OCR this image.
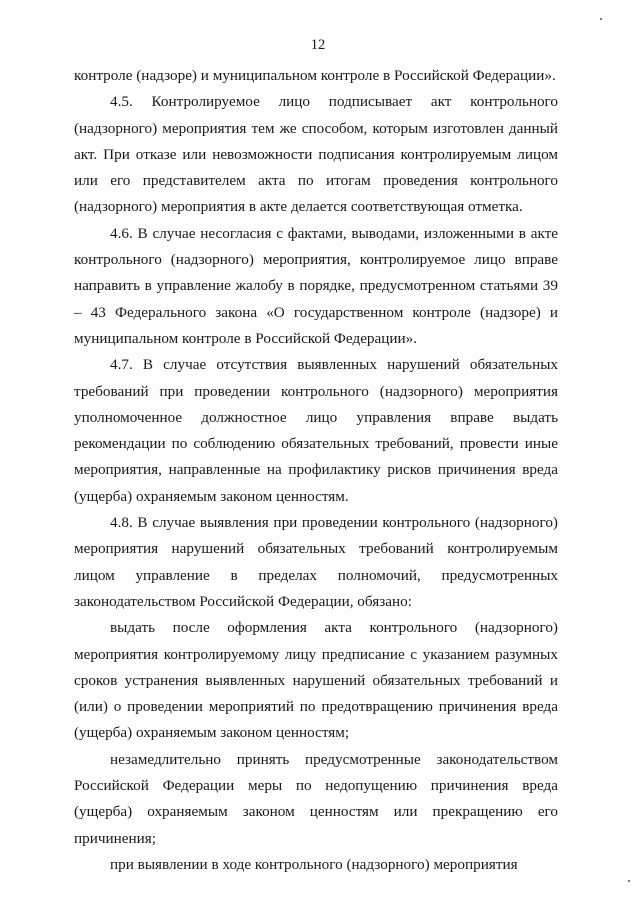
12

контроле (надзоре) и муниципальном контроле в Российской Федерации».

4.5. Контролируемое лицо подписывает акт контрольного (надзорного) мероприятия тем же способом, которым изготовлен данный акт. При отказе или невозможности подписания контролируемым лицом или его представителем акта по итогам проведения контрольного (надзорного) мероприятия в акте делается соответствующая отметка.

4.6. В случае несогласия с фактами, выводами, изложенными в акте контрольного (надзорного) мероприятия, контролируемое лицо вправе направить в управление жалобу в порядке, предусмотренном статьями 39 – 43 Федерального закона «О государственном контроле (надзоре) и муниципальном контроле в Российской Федерации».

4.7. В случае отсутствия выявленных нарушений обязательных требований при проведении контрольного (надзорного) мероприятия уполномоченное должностное лицо управления вправе выдать рекомендации по соблюдению обязательных требований, провести иные мероприятия, направленные на профилактику рисков причинения вреда (ущерба) охраняемым законом ценностям.

4.8. В случае выявления при проведении контрольного (надзорного) мероприятия нарушений обязательных требований контролируемым лицом управление в пределах полномочий, предусмотренных законодательством Российской Федерации, обязано:

выдать после оформления акта контрольного (надзорного) мероприятия контролируемому лицу предписание с указанием разумных сроков устранения выявленных нарушений обязательных требований и (или) о проведении мероприятий по предотвращению причинения вреда (ущерба) охраняемым законом ценностям;

незамедлительно принять предусмотренные законодательством Российской Федерации меры по недопущению причинения вреда (ущерба) охраняемым законом ценностям или прекращению его причинения;

при выявлении в ходе контрольного (надзорного) мероприятия
